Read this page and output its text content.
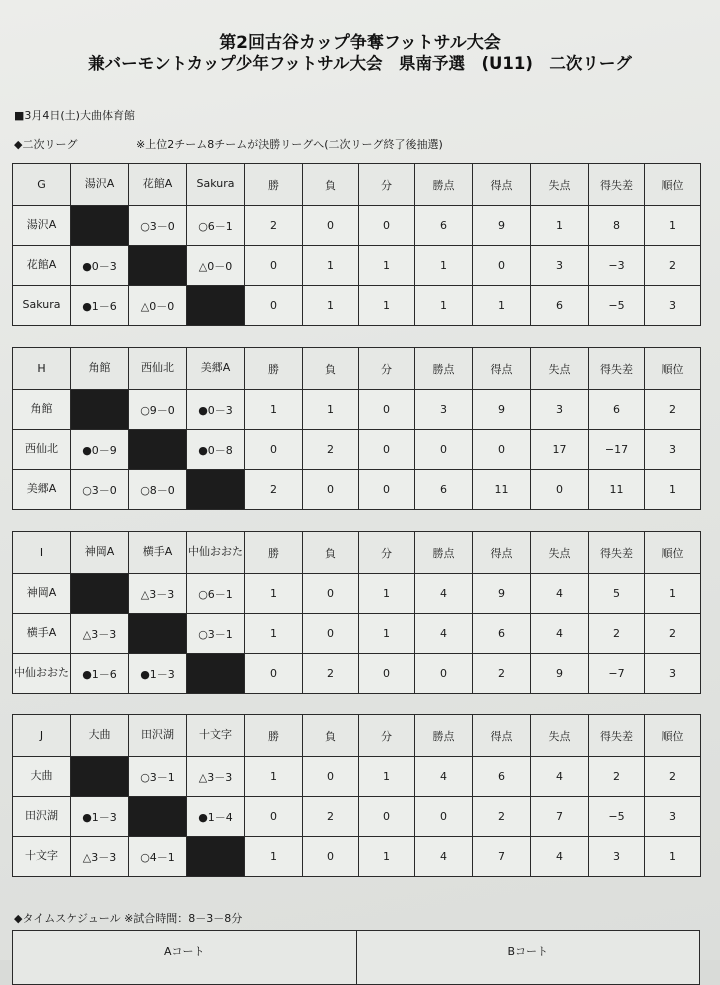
第2回古谷カップ争奪フットサル大会
兼バーモントカップ少年フットサル大会　県南予選　(U11)　二次リーグ
■3月4日(土)大曲体育館
◆二次リーグ	※上位2チーム8チームが決勝リーグへ(二次リーグ終了後抽選)
G	湯沢A	花館A	Sakura	勝	負	分	勝点	得点	失点	得失差	順位
湯沢A		○3－0	○6－1	2	0	0	6	9	1	8	1
花館A	●0－3		△0－0	0	1	1	1	0	3	−3	2
Sakura	●1－6	△0－0		0	1	1	1	1	6	−5	3
H	角館	西仙北	美郷A	勝	負	分	勝点	得点	失点	得失差	順位
角館		○9－0	●0－3	1	1	0	3	9	3	6	2
西仙北	●0－9		●0－8	0	2	0	0	0	17	−17	3
美郷A	○3－0	○8－0		2	0	0	6	11	0	11	1
I	神岡A	横手A	中仙おおた	勝	負	分	勝点	得点	失点	得失差	順位
神岡A		△3－3	○6－1	1	0	1	4	9	4	5	1
横手A	△3－3		○3－1	1	0	1	4	6	4	2	2
中仙おおた	●1－6	●1－3		0	2	0	0	2	9	−7	3
J	大曲	田沢湖	十文字	勝	負	分	勝点	得点	失点	得失差	順位
大曲		○3－1	△3－3	1	0	1	4	6	4	2	2
田沢湖	●1－3		●1－4	0	2	0	0	2	7	−5	3
十文字	△3－3	○4－1		1	0	1	4	7	4	3	1
◆タイムスケジュール ※試合時間：8－3－8分
Aコート	Bコート
